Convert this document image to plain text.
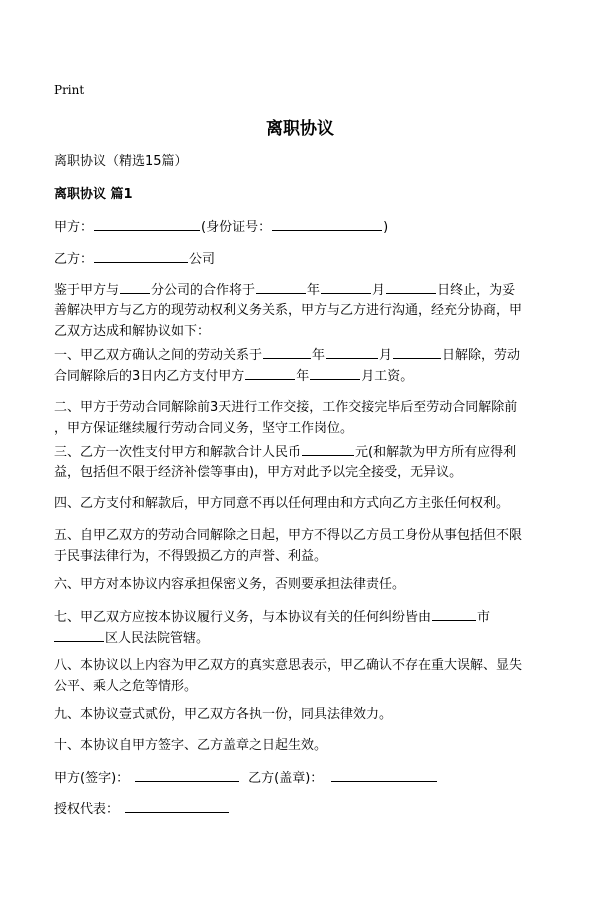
Print
离职协议
离职协议（精选15篇）
离职协议 篇1
甲方：	(身份证号：	)
乙方：	公司
鉴于甲方与 分公司的合作将于	年	月	日终止，为妥
善解决甲方与乙方的现劳动权利义务关系，甲方与乙方进行沟通，经充分协商，甲
乙双方达成和解协议如下：
一、甲乙双方确认之间的劳动关系于	年	月	日解除，劳动
合同解除后的3日内乙方支付甲方	年	月工资。
二、甲方于劳动合同解除前3天进行工作交接，工作交接完毕后至劳动合同解除前
，甲方保证继续履行劳动合同义务，坚守工作岗位。
三、乙方一次性支付甲方和解款合计人民币	元(和解款为甲方所有应得利
益，包括但不限于经济补偿等事由)，甲方对此予以完全接受，无异议。
四、乙方支付和解款后，甲方同意不再以任何理由和方式向乙方主张任何权利。
五、自甲乙双方的劳动合同解除之日起，甲方不得以乙方员工身份从事包括但不限
于民事法律行为，不得毁损乙方的声誉、利益。
六、甲方对本协议内容承担保密义务，否则要承担法律责任。
七、甲乙双方应按本协议履行义务，与本协议有关的任何纠纷皆由	市
区人民法院管辖。
八、本协议以上内容为甲乙双方的真实意思表示，甲乙确认不存在重大误解、显失
公平、乘人之危等情形。
九、本协议壹式贰份，甲乙双方各执一份，同具法律效力。
十、本协议自甲方签字、乙方盖章之日起生效。
甲方(签字)：	乙方(盖章)：
授权代表：
